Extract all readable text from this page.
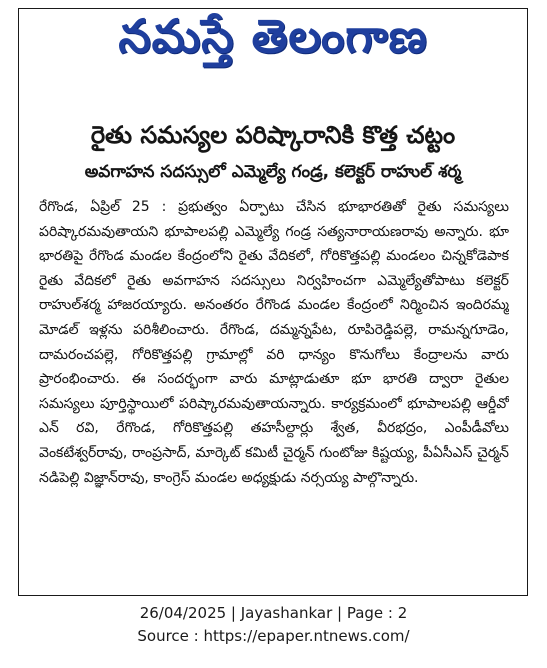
నమస్తే తెలంగాణ
రైతు సమస్యల పరిష్కారానికి కొత్త చట్టం
అవగాహన సదస్సులో ఎమ్మెల్యే గండ్ర, కలెక్టర్ రాహుల్ శర్మ
రేగొండ, ఏప్రిల్ 25 : ప్రభుత్వం ఏర్పాటు చేసిన భూభారతితో రైతు సమస్యలు పరిష్కారమవుతాయని భూపాలపల్లి ఎమ్మెల్యే గండ్ర సత్యనారాయణరావు అన్నారు. భూ భారతిపై రేగొండ మండల కేంద్రంలోని రైతు వేదికలో, గోరికొత్తపల్లి మండలం చిన్నకోడెపాక రైతు వేదికలో రైతు అవగాహన సదస్సులు నిర్వహించగా ఎమ్మెల్యేతోపాటు కలెక్టర్ రాహుల్‌శర్మ హాజరయ్యారు. అనంతరం రేగొండ మండల కేంద్రంలో నిర్మించిన ఇందిరమ్మ మోడల్ ఇళ్లను పరిశీలించారు. రేగొండ, దమ్మన్నపేట, రూపిరెడ్డిపల్లె, రామన్నగూడెం, దామరంచపల్లె, గోరికొత్తపల్లి గ్రామాల్లో వరి ధాన్యం కొనుగోలు కేంద్రాలను వారు ప్రారంభించారు. ఈ సందర్భంగా వారు మాట్లాడుతూ భూ భారతి ద్వారా రైతుల సమస్యలు పూర్తిస్థాయిలో పరిష్కారమవుతాయన్నారు. కార్యక్రమంలో భూపాలపల్లి ఆర్డీవో ఎన్ రవి, రేగొండ, గోరికొత్తపల్లి తహసీల్దార్లు శ్వేత, వీరభద్రం, ఎంపీడీవోలు వెంకటేశ్వర్‌రావు, రాంప్రసాద్, మార్కెట్ కమిటీ చైర్మన్ గుంటోజు కిష్టయ్య, పీఏసీఎస్ చైర్మన్ నడిపెల్లి విజ్ఞాన్‌రావు, కాంగ్రెస్ మండల అధ్యక్షుడు నర్సయ్య పాల్గొన్నారు.
26/04/2025 | Jayashankar | Page : 2
Source : https://epaper.ntnews.com/
